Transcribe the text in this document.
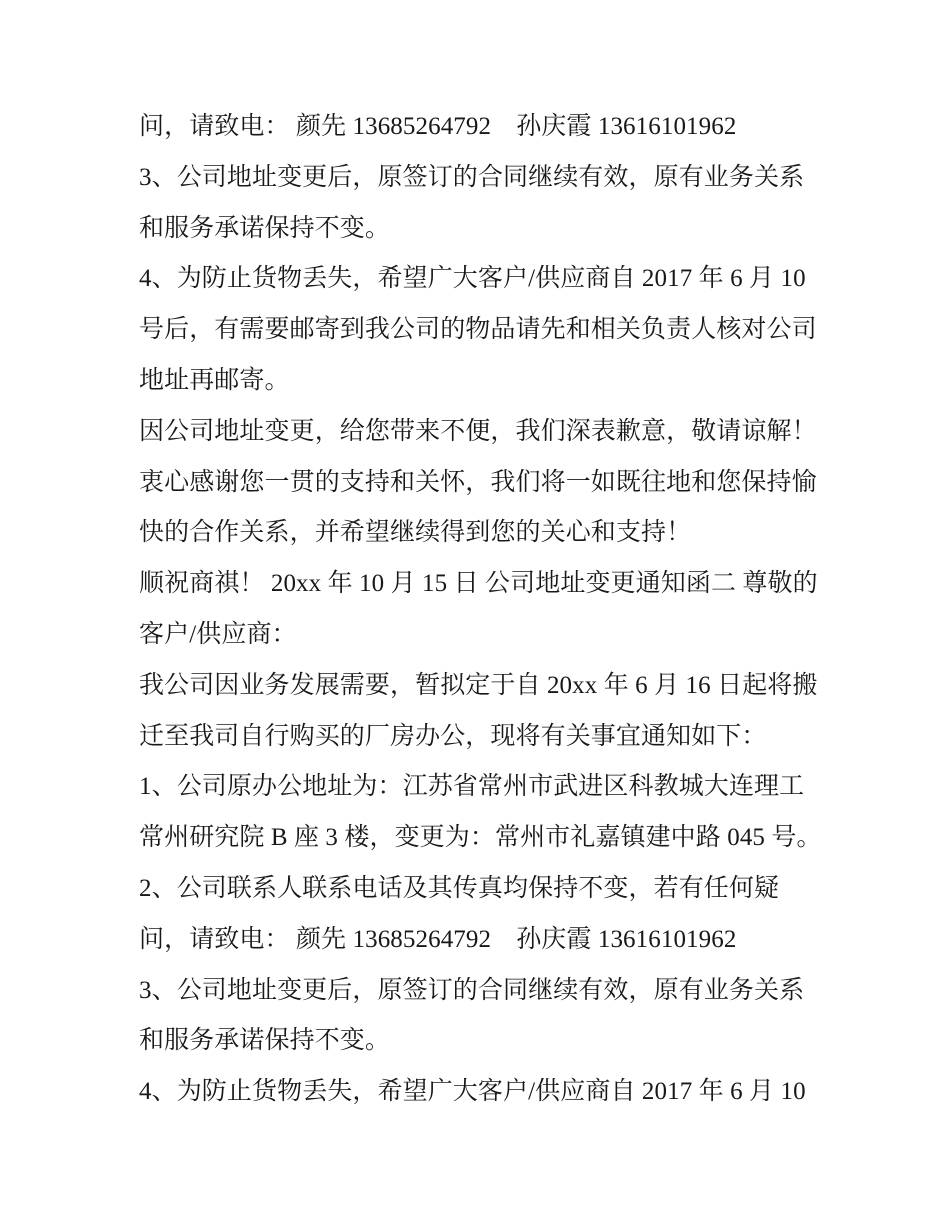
问，请致电： 颜先 13685264792　孙庆霞 13616101962
3、公司地址变更后，原签订的合同继续有效，原有业务关系
和服务承诺保持不变。
4、为防止货物丢失，希望广大客户/供应商自 2017 年 6 月 10
号后，有需要邮寄到我公司的物品请先和相关负责人核对公司
地址再邮寄。
因公司地址变更，给您带来不便，我们深表歉意，敬请谅解！
衷心感谢您一贯的支持和关怀，我们将一如既往地和您保持愉
快的合作关系，并希望继续得到您的关心和支持！
顺祝商祺！ 20xx 年 10 月 15 日 公司地址变更通知函二 尊敬的
客户/供应商：
我公司因业务发展需要，暂拟定于自 20xx 年 6 月 16 日起将搬
迁至我司自行购买的厂房办公，现将有关事宜通知如下：
1、公司原办公地址为：江苏省常州市武进区科教城大连理工
常州研究院 B 座 3 楼，变更为：常州市礼嘉镇建中路 045 号。
2、公司联系人联系电话及其传真均保持不变，若有任何疑
问，请致电： 颜先 13685264792　孙庆霞 13616101962
3、公司地址变更后，原签订的合同继续有效，原有业务关系
和服务承诺保持不变。
4、为防止货物丢失，希望广大客户/供应商自 2017 年 6 月 10
